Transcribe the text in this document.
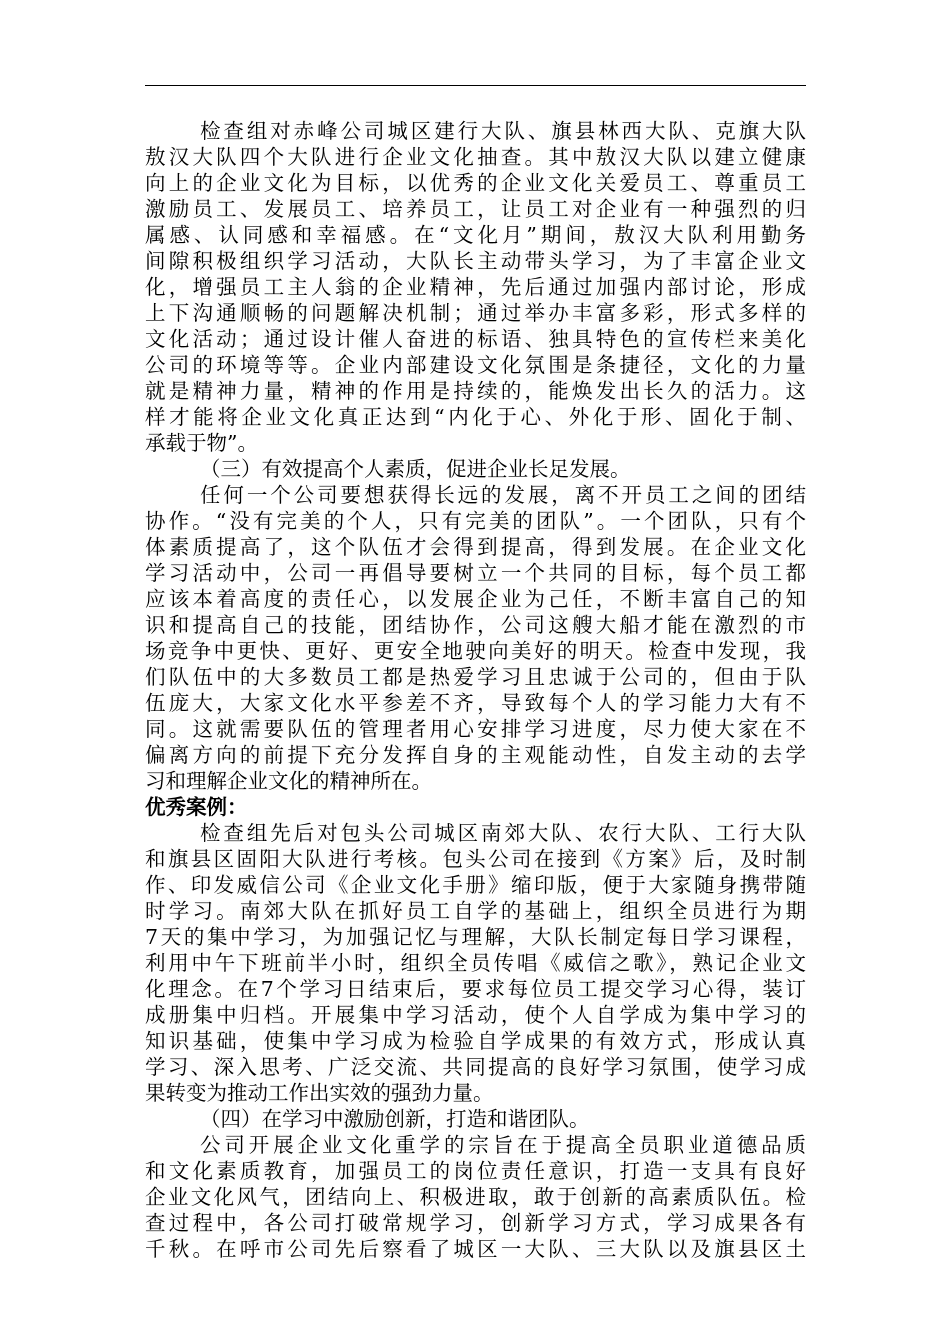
检查组对赤峰公司城区建行大队、旗县林西大队、克旗大队
敖汉大队四个大队进行企业文化抽查。其中敖汉大队以建立健康
向上的企业文化为目标，以优秀的企业文化关爱员工、尊重员工
激励员工、发展员工、培养员工，让员工对企业有一种强烈的归
属感、认同感和幸福感。在“文化月”期间，敖汉大队利用勤务
间隙积极组织学习活动，大队长主动带头学习，为了丰富企业文
化，增强员工主人翁的企业精神，先后通过加强内部讨论，形成
上下沟通顺畅的问题解决机制；通过举办丰富多彩，形式多样的
文化活动；通过设计催人奋进的标语、独具特色的宣传栏来美化
公司的环境等等。企业内部建设文化氛围是条捷径，文化的力量
就是精神力量，精神的作用是持续的，能焕发出长久的活力。这
样才能将企业文化真正达到“内化于心、外化于形、固化于制、
承载于物”。
（三）有效提高个人素质，促进企业长足发展。
任何一个公司要想获得长远的发展，离不开员工之间的团结
协作。“没有完美的个人，只有完美的团队”。一个团队，只有个
体素质提高了，这个队伍才会得到提高，得到发展。在企业文化
学习活动中，公司一再倡导要树立一个共同的目标，每个员工都
应该本着高度的责任心，以发展企业为己任，不断丰富自己的知
识和提高自己的技能，团结协作，公司这艘大船才能在激烈的市
场竞争中更快、更好、更安全地驶向美好的明天。检查中发现，我
们队伍中的大多数员工都是热爱学习且忠诚于公司的，但由于队
伍庞大，大家文化水平参差不齐，导致每个人的学习能力大有不
同。这就需要队伍的管理者用心安排学习进度，尽力使大家在不
偏离方向的前提下充分发挥自身的主观能动性，自发主动的去学
习和理解企业文化的精神所在。
优秀案例：
检查组先后对包头公司城区南郊大队、农行大队、工行大队
和旗县区固阳大队进行考核。包头公司在接到《方案》后，及时制
作、印发威信公司《企业文化手册》缩印版，便于大家随身携带随
时学习。南郊大队在抓好员工自学的基础上，组织全员进行为期
7天的集中学习，为加强记忆与理解，大队长制定每日学习课程，
利用中午下班前半小时，组织全员传唱《威信之歌》，熟记企业文
化理念。在7个学习日结束后，要求每位员工提交学习心得，装订
成册集中归档。开展集中学习活动，使个人自学成为集中学习的
知识基础，使集中学习成为检验自学成果的有效方式，形成认真
学习、深入思考、广泛交流、共同提高的良好学习氛围，使学习成
果转变为推动工作出实效的强劲力量。
（四）在学习中激励创新，打造和谐团队。
公司开展企业文化重学的宗旨在于提高全员职业道德品质
和文化素质教育，加强员工的岗位责任意识，打造一支具有良好
企业文化风气，团结向上、积极进取，敢于创新的高素质队伍。检
查过程中，各公司打破常规学习，创新学习方式，学习成果各有
千秋。在呼市公司先后察看了城区一大队、三大队以及旗县区土
